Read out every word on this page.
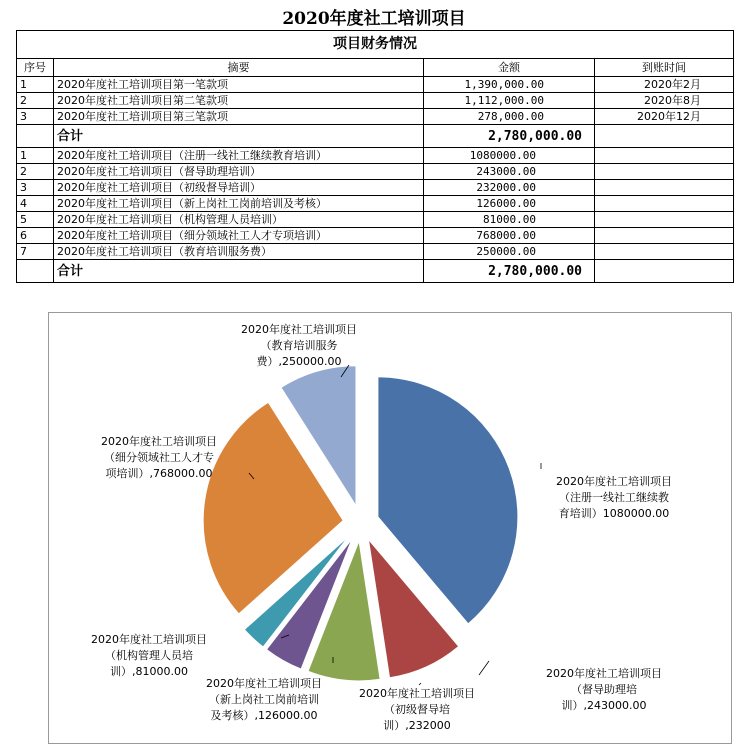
2020年度社工培训项目
项目财务情况			
序号	摘要	金额	到账时间
1	2020年度社工培训项目第一笔款项	1,390,000.00	2020年2月
2	2020年度社工培训项目第二笔款项	1,112,000.00	2020年8月
3	2020年度社工培训项目第三笔款项	278,000.00	2020年12月
	合计	2,780,000.00	
1	2020年度社工培训项目（注册一线社工继续教育培训）	1080000.00	
2	2020年度社工培训项目（督导助理培训）	243000.00	
3	2020年度社工培训项目（初级督导培训）	232000.00	
4	2020年度社工培训项目（新上岗社工岗前培训及考核）	126000.00	
5	2020年度社工培训项目（机构管理人员培训）	81000.00	
6	2020年度社工培训项目（细分领域社工人才专项培训）	768000.00	
7	2020年度社工培训项目（教育培训服务费）	250000.00	
	合计	2,780,000.00	
2020年度社工培训项目（注册一线社工继续教育培训）1080000.00
2020年度社工培训项目（督导助理培训）,243000.00
2020年度社工培训项目（初级督导培训）,232000
2020年度社工培训项目（新上岗社工岗前培训及考核）,126000.00
2020年度社工培训项目（机构管理人员培训）,81000.00
2020年度社工培训项目（细分领域社工人才专项培训）,768000.00
2020年度社工培训项目（教育培训服务费）,250000.00
